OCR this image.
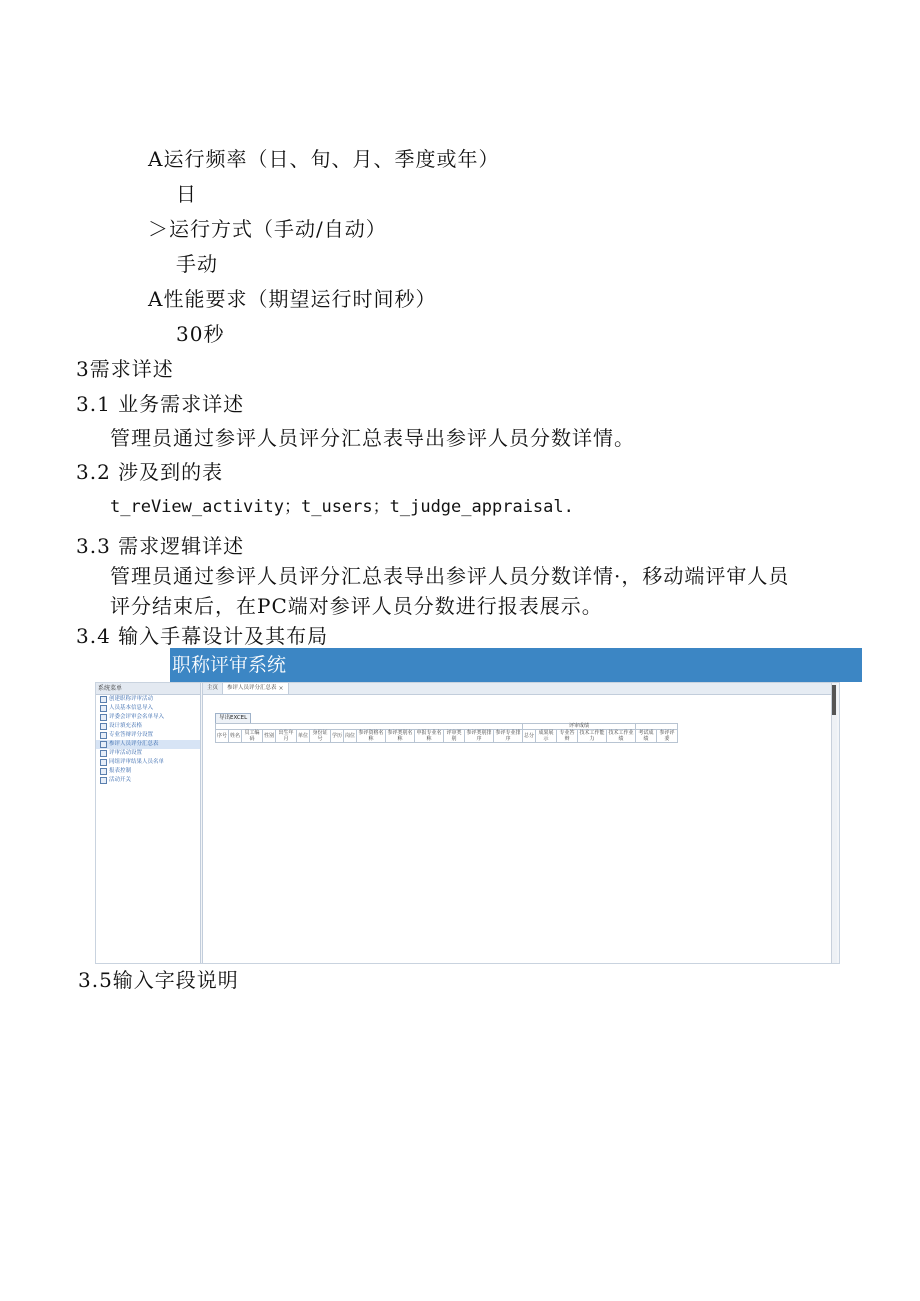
A运行频率（日、旬、月、季度或年）
日
＞运行方式（手动/自动）
手动
A性能要求（期望运行时间秒）
30秒
3需求详述
3.1 业务需求详述
管理员通过参评人员评分汇总表导出参评人员分数详情。
3.2 涉及到的表
t_reView_activity；t_users；t_judge_appraisal.
3.3 需求逻辑详述
管理员通过参评人员评分汇总表导出参评人员分数详情·，移动端评审人员
评分结束后，在PC端对参评人员分数进行报表展示。
3.4 输入手幕设计及其布局
职称评审系统
系统菜单
创建职称评审活动
人员基本信息导入
评委会评审会名单导入
设计填充表格
专业答辩评分设置
参评人员评分汇总表
评审活动设置
同组评审结果人员名单
报表控制
活动开关
主页 参评人员评分汇总表 ×
导出EXCEL
															评审成绩						
序号	姓名	员工编码	性别	出生年月	单位	身份证号	学历	岗位	参评资格名称	参评类别名称	申报专业名称	评审类别	参评类别排序	参评专业排序	总分	成果展示	专业答辩	技术工作能力	技术工作业绩	考试成绩	参评评委
3.5输入字段说明
